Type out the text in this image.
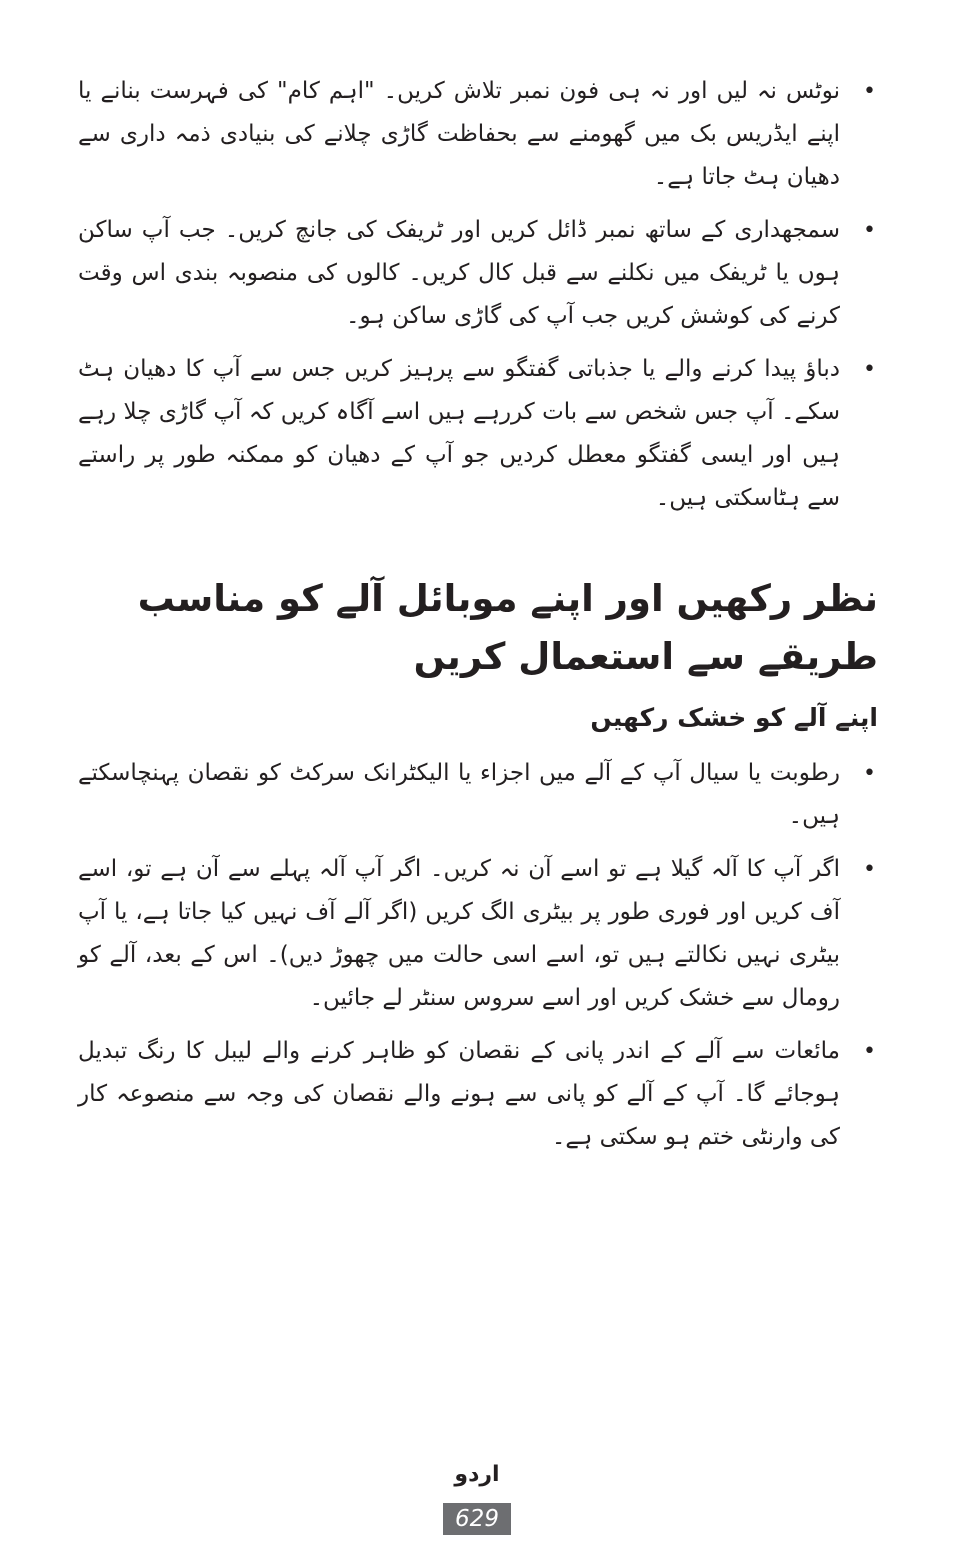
•
نوٹس نہ لیں اور نہ ہی فون نمبر تلاش کریں۔ "اہم کام" کی فہرست بنانے یا اپنے ایڈریس بک میں گھومنے سے بحفاظت گاڑی چلانے کی بنیادی ذمہ داری سے دھیان ہٹ جاتا ہے۔
•
سمجھداری کے ساتھ نمبر ڈائل کریں اور ٹریفک کی جانچ کریں۔ جب آپ ساکن ہوں یا ٹریفک میں نکلنے سے قبل کال کریں۔ کالوں کی منصوبہ بندی اس وقت کرنے کی کوشش کریں جب آپ کی گاڑی ساکن ہو۔
•
دباؤ پیدا کرنے والے یا جذباتی گفتگو سے پرہیز کریں جس سے آپ کا دھیان ہٹ سکے۔ آپ جس شخص سے بات کررہے ہیں اسے آگاہ کریں کہ آپ گاڑی چلا رہے ہیں اور ایسی گفتگو معطل کردیں جو آپ کے دھیان کو ممکنہ طور پر راستے سے ہٹاسکتی ہیں۔
نظر رکھیں اور اپنے موبائل آلے کو مناسب طریقے سے استعمال کریں
اپنے آلے کو خشک رکھیں
•
رطوبت یا سیال آپ کے آلے میں اجزاء یا الیکٹرانک سرکٹ کو نقصان پہنچاسکتے ہیں۔
•
اگر آپ کا آلہ گیلا ہے تو اسے آن نہ کریں۔ اگر آپ آلہ پہلے سے آن ہے تو، اسے آف کریں اور فوری طور پر بیٹری الگ کریں (اگر آلے آف نہیں کیا جاتا ہے، یا آپ بیٹری نہیں نکالتے ہیں تو، اسے اسی حالت میں چھوڑ دیں)۔ اس کے بعد، آلے کو رومال سے خشک کریں اور اسے سروس سنٹر لے جائیں۔
•
مائعات سے آلے کے اندر پانی کے نقصان کو ظاہر کرنے والے لیبل کا رنگ تبدیل ہوجائے گا۔ آپ کے آلے کو پانی سے ہونے والے نقصان کی وجہ سے منصوعہ کار کی وارنٹی ختم ہو سکتی ہے۔
اردو
629
